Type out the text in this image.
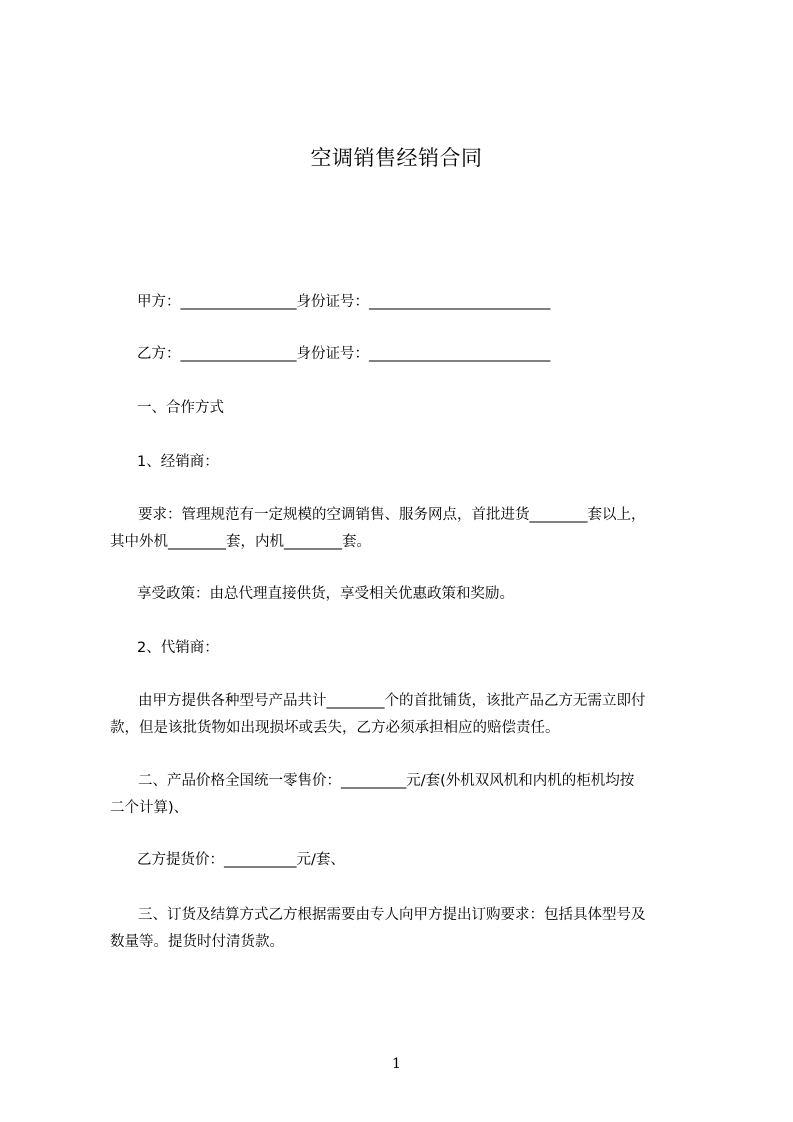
空调销售经销合同
甲方：________________身份证号：_________________________
乙方：________________身份证号：_________________________
一、合作方式
1、经销商：
要求：管理规范有一定规模的空调销售、服务网点，首批进货________套以上，
其中外机________套，内机________套。
享受政策：由总代理直接供货，享受相关优惠政策和奖励。
2、代销商：
由甲方提供各种型号产品共计________个的首批铺货，该批产品乙方无需立即付
款，但是该批货物如出现损坏或丢失，乙方必须承担相应的赔偿责任。
二、产品价格全国统一零售价：_________元/套(外机双风机和内机的柜机均按
二个计算)、
乙方提货价：__________元/套、
三、订货及结算方式乙方根据需要由专人向甲方提出订购要求：包括具体型号及
数量等。提货时付清货款。
1
